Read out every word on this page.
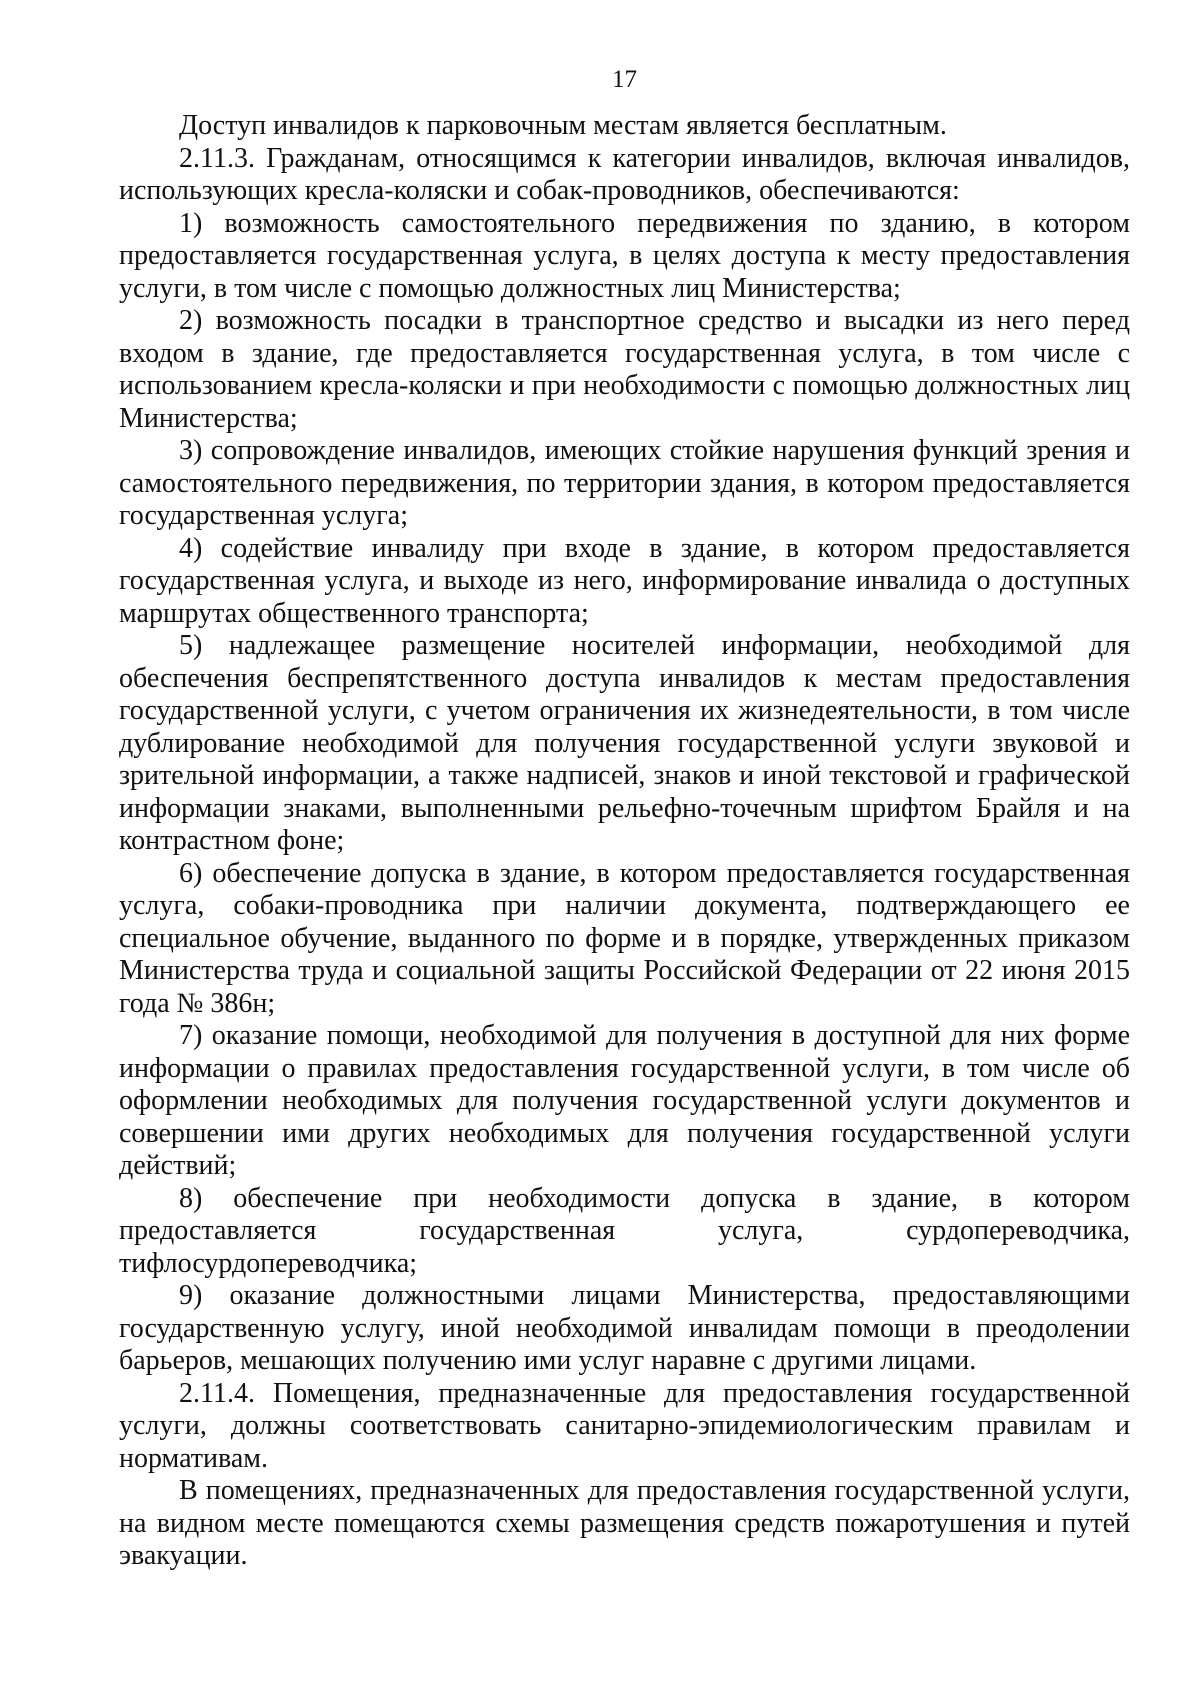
17

Доступ инвалидов к парковочным местам является бесплатным.

2.11.3. Гражданам, относящимся к категории инвалидов, включая инвалидов, использующих кресла-коляски и собак-проводников, обеспечиваются:

1) возможность самостоятельного передвижения по зданию, в котором предоставляется государственная услуга, в целях доступа к месту предоставления услуги, в том числе с помощью должностных лиц Министерства;

2) возможность посадки в транспортное средство и высадки из него перед входом в здание, где предоставляется государственная услуга, в том числе с использованием кресла-коляски и при необходимости с помощью должностных лиц Министерства;

3) сопровождение инвалидов, имеющих стойкие нарушения функций зрения и самостоятельного передвижения, по территории здания, в котором предоставляется государственная услуга;

4) содействие инвалиду при входе в здание, в котором предоставляется государственная услуга, и выходе из него, информирование инвалида о доступных маршрутах общественного транспорта;

5) надлежащее размещение носителей информации, необходимой для обеспечения беспрепятственного доступа инвалидов к местам предоставления государственной услуги, с учетом ограничения их жизнедеятельности, в том числе дублирование необходимой для получения государственной услуги звуковой и зрительной информации, а также надписей, знаков и иной текстовой и графической информации знаками, выполненными рельефно-точечным шрифтом Брайля и на контрастном фоне;

6) обеспечение допуска в здание, в котором предоставляется государственная услуга, собаки-проводника при наличии документа, подтверждающего ее специальное обучение, выданного по форме и в порядке, утвержденных приказом Министерства труда и социальной защиты Российской Федерации от 22 июня 2015 года № 386н;

7) оказание помощи, необходимой для получения в доступной для них форме информации о правилах предоставления государственной услуги, в том числе об оформлении необходимых для получения государственной услуги документов и совершении ими других необходимых для получения государственной услуги действий;

8) обеспечение при необходимости допуска в здание, в котором предоставляется государственная услуга, сурдопереводчика, тифлосурдопереводчика;

9) оказание должностными лицами Министерства, предоставляющими государственную услугу, иной необходимой инвалидам помощи в преодолении барьеров, мешающих получению ими услуг наравне с другими лицами.

2.11.4. Помещения, предназначенные для предоставления государственной услуги, должны соответствовать санитарно-эпидемиологическим правилам и нормативам.

В помещениях, предназначенных для предоставления государственной услуги, на видном месте помещаются схемы размещения средств пожаротушения и путей эвакуации.
